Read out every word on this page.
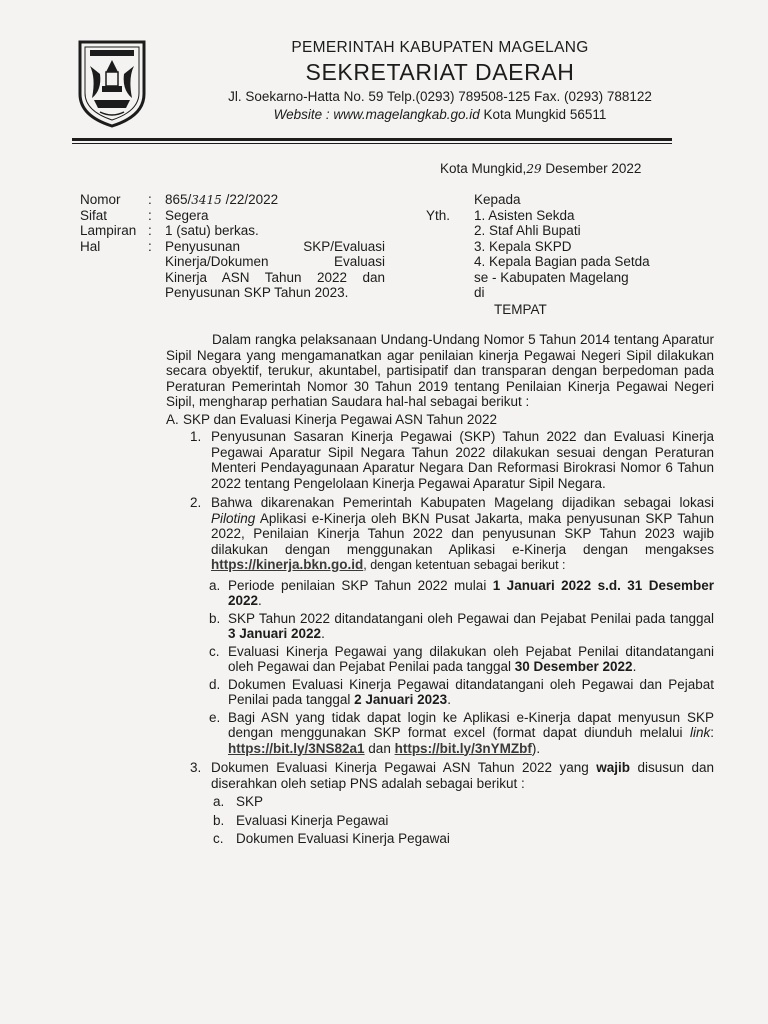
PEMERINTAH KABUPATEN MAGELANG
SEKRETARIAT DAERAH
Jl. Soekarno-Hatta No. 59 Telp.(0293) 789508-125 Fax. (0293) 788122
Website : www.magelangkab.go.id Kota Mungkid 56511
Kota Mungkid,29 Desember 2022
Nomor : 865/3415 /22/2022
Sifat	: Segera
Lampiran : 1 (satu) berkas.
Hal	: Penyusunan SKP/Evaluasi
Kinerja/Dokumen Evaluasi
Kinerja ASN Tahun 2022 dan
Penyusunan SKP Tahun 2023.
Kepada
Yth. 1. Asisten Sekda
2. Staf Ahli Bupati
3. Kepala SKPD
4. Kepala Bagian pada Setda
se - Kabupaten Magelang
di
TEMPAT
Dalam rangka pelaksanaan Undang-Undang Nomor 5 Tahun 2014 tentang Aparatur Sipil Negara yang mengamanatkan agar penilaian kinerja Pegawai Negeri Sipil dilakukan secara obyektif, terukur, akuntabel, partisipatif dan transparan dengan berpedoman pada Peraturan Pemerintah Nomor 30 Tahun 2019 tentang Penilaian Kinerja Pegawai Negeri Sipil, mengharap perhatian Saudara hal-hal sebagai berikut :
A. SKP dan Evaluasi Kinerja Pegawai ASN Tahun 2022
1. Penyusunan Sasaran Kinerja Pegawai (SKP) Tahun 2022 dan Evaluasi Kinerja Pegawai Aparatur Sipil Negara Tahun 2022 dilakukan sesuai dengan Peraturan Menteri Pendayagunaan Aparatur Negara Dan Reformasi Birokrasi Nomor 6 Tahun 2022 tentang Pengelolaan Kinerja Pegawai Aparatur Sipil Negara.
2. Bahwa dikarenakan Pemerintah Kabupaten Magelang dijadikan sebagai lokasi Piloting Aplikasi e-Kinerja oleh BKN Pusat Jakarta, maka penyusunan SKP Tahun 2022, Penilaian Kinerja Tahun 2022 dan penyusunan SKP Tahun 2023 wajib dilakukan dengan menggunakan Aplikasi e-Kinerja dengan mengakses https://kinerja.bkn.go.id, dengan ketentuan sebagai berikut :
a. Periode penilaian SKP Tahun 2022 mulai 1 Januari 2022 s.d. 31 Desember 2022.
b. SKP Tahun 2022 ditandatangani oleh Pegawai dan Pejabat Penilai pada tanggal 3 Januari 2022.
c. Evaluasi Kinerja Pegawai yang dilakukan oleh Pejabat Penilai ditandatangani oleh Pegawai dan Pejabat Penilai pada tanggal 30 Desember 2022.
d. Dokumen Evaluasi Kinerja Pegawai ditandatangani oleh Pegawai dan Pejabat Penilai pada tanggal 2 Januari 2023.
e. Bagi ASN yang tidak dapat login ke Aplikasi e-Kinerja dapat menyusun SKP dengan menggunakan SKP format excel (format dapat diunduh melalui link: https://bit.ly/3NS82a1 dan https://bit.ly/3nYMZbf).
3. Dokumen Evaluasi Kinerja Pegawai ASN Tahun 2022 yang wajib disusun dan diserahkan oleh setiap PNS adalah sebagai berikut :
a. SKP
b. Evaluasi Kinerja Pegawai
c. Dokumen Evaluasi Kinerja Pegawai
